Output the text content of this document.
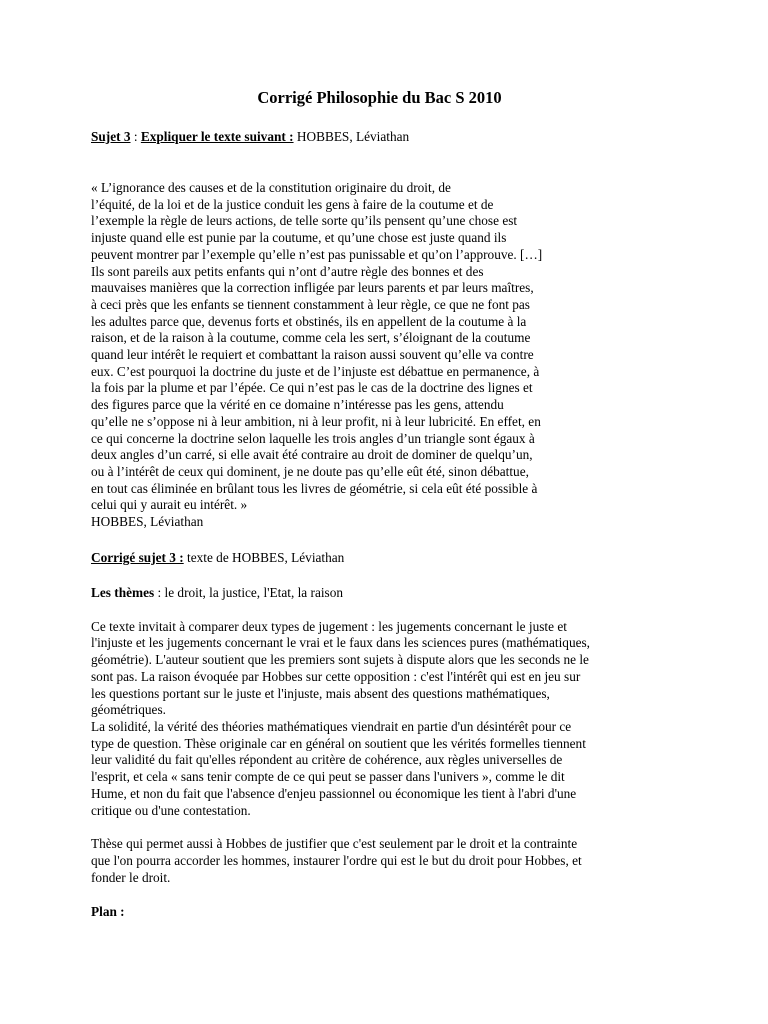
Corrigé Philosophie du Bac S 2010
Sujet 3 : Expliquer le texte suivant : HOBBES, Léviathan
« L’ignorance des causes et de la constitution originaire du droit, de
l’équité, de la loi et de la justice conduit les gens à faire de la coutume et de
l’exemple la règle de leurs actions, de telle sorte qu’ils pensent qu’une chose est
injuste quand elle est punie par la coutume, et qu’une chose est juste quand ils
peuvent montrer par l’exemple qu’elle n’est pas punissable et qu’on l’approuve. […]
Ils sont pareils aux petits enfants qui n’ont d’autre règle des bonnes et des
mauvaises manières que la correction infligée par leurs parents et par leurs maîtres,
à ceci près que les enfants se tiennent constamment à leur règle, ce que ne font pas
les adultes parce que, devenus forts et obstinés, ils en appellent de la coutume à la
raison, et de la raison à la coutume, comme cela les sert, s’éloignant de la coutume
quand leur intérêt le requiert et combattant la raison aussi souvent qu’elle va contre
eux. C’est pourquoi la doctrine du juste et de l’injuste est débattue en permanence, à
la fois par la plume et par l’épée. Ce qui n’est pas le cas de la doctrine des lignes et
des figures parce que la vérité en ce domaine n’intéresse pas les gens, attendu
qu’elle ne s’oppose ni à leur ambition, ni à leur profit, ni à leur lubricité. En effet, en
ce qui concerne la doctrine selon laquelle les trois angles d’un triangle sont égaux à
deux angles d’un carré, si elle avait été contraire au droit de dominer de quelqu’un,
ou à l’intérêt de ceux qui dominent, je ne doute pas qu’elle eût été, sinon débattue,
en tout cas éliminée en brûlant tous les livres de géométrie, si cela eût été possible à
celui qui y aurait eu intérêt. »
HOBBES, Léviathan
Corrigé sujet 3 : texte de HOBBES, Léviathan
Les thèmes : le droit, la justice, l'Etat, la raison
Ce texte invitait à comparer deux types de jugement : les jugements concernant le juste et
l'injuste et les jugements concernant le vrai et le faux dans les sciences pures (mathématiques,
géométrie). L'auteur soutient que les premiers sont sujets à dispute alors que les seconds ne le
sont pas. La raison évoquée par Hobbes sur cette opposition : c'est l'intérêt qui est en jeu sur
les questions portant sur le juste et l'injuste, mais absent des questions mathématiques,
géométriques.
La solidité, la vérité des théories mathématiques viendrait en partie d'un désintérêt pour ce
type de question. Thèse originale car en général on soutient que les vérités formelles tiennent
leur validité du fait qu'elles répondent au critère de cohérence, aux règles universelles de
l'esprit, et cela « sans tenir compte de ce qui peut se passer dans l'univers », comme le dit
Hume, et non du fait que l'absence d'enjeu passionnel ou économique les tient à l'abri d'une
critique ou d'une contestation.
Thèse qui permet aussi à Hobbes de justifier que c'est seulement par le droit et la contrainte
que l'on pourra accorder les hommes, instaurer l'ordre qui est le but du droit pour Hobbes, et
fonder le droit.
Plan :
